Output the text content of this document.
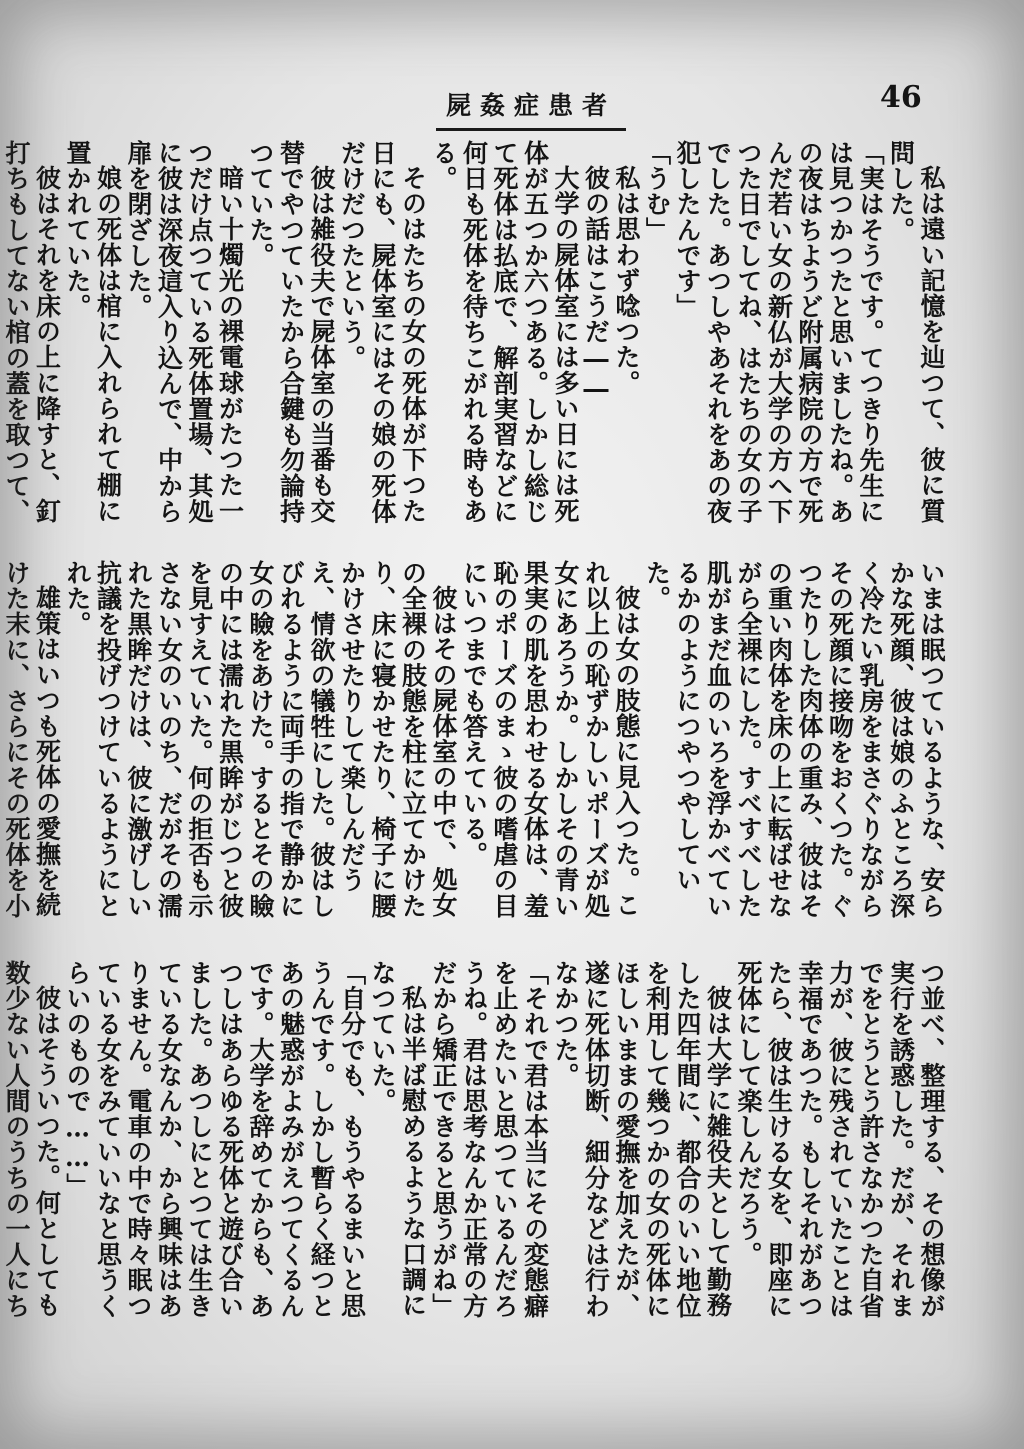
屍姦症患者	46

私は遠い記憶を辿つて、彼に質問した。

「実はそうです。てつきり先生には見つかつたと思いましたね。あの夜はちようど附属病院の方で死んだ若い女の新仏が大学の方へ下つた日でしてね、はたちの女の子でした。あつしやあそれをあの夜犯したんです」

「うむ」

私は思わず唸つた。

彼の話はこうだ――

大学の屍体室には多い日には死体が五つか六つある。しかし総じて死体は払底で、解剖実習などに何日も死体を待ちこがれる時もある。

そのはたちの女の死体が下つた日にも、屍体室にはその娘の死体だけだつたという。

彼は雑役夫で屍体室の当番も交替でやつていたから合鍵も勿論持つていた。

暗い十燭光の裸電球がたつた一つだけ点つている死体置場、其処に彼は深夜這入り込んで、中から扉を閉ざした。

娘の死体は棺に入れられて棚に置かれていた。

彼はそれを床の上に降すと、釘打ちもしてない棺の蓋を取つて、

いまは眠つているような、安らかな死顔、彼は娘のふところ深く冷たい乳房をまさぐりながらその死顔に接吻をおくつた。ぐつたりした肉体の重み、彼はその重い肉体を床の上に転ばせながら全裸にした。すべすべした肌がまだ血のいろを浮かべているかのようにつやつやしていた。

彼は女の肢態に見入つた。これ以上の恥ずかしいポーズが処女にあろうか。しかしその青い果実の肌を思わせる女体は、羞恥のポーズのまゝ彼の嗜虐の目にいつまでも答えている。

彼はその屍体室の中で、処女の全裸の肢態を柱に立てかけたり、床に寝かせたり、椅子に腰かけさせたりして楽しんだうえ、情欲の犠牲にした。彼はしびれるように両手の指で静かに女の瞼をあけた。するとその瞼の中には濡れた黒眸がじつと彼を見すえていた。何の拒否も示さない女のいのち、だがその濡れた黒眸だけは、彼に激げしい抗議を投げつけているようにとれた。

雄策はいつも死体の愛撫を続けた末に、さらにその死体を小

つ並べ、整理する、その想像が実行を誘惑した。だが、それまでをとうとう許さなかつた自省力が、彼に残されていたことは幸福であつた。もしそれがあつたら、彼は生ける女を、即座に死体にして楽しんだろう。

彼は大学に雑役夫として勤務した四年間に、都合のいい地位を利用して幾つかの女の死体にほしいままの愛撫を加えたが、遂に死体切断、細分などは行わなかつた。

「それで君は本当にその変態癖を止めたいと思つているんだろうね。君は思考なんか正常の方だから矯正できると思うがね」

私は半ば慰めるような口調になつていた。

「自分でも、もうやるまいと思うんです。しかし暫らく経つとあの魅惑がよみがえつてくるんです。大学を辞めてからも、あつしはあらゆる死体と遊び合いました。あつしにとつては生きている女なんか、から興味はありません。電車の中で時々眠つている女をみていいなと思うくらいのもので……」

彼はそういつた。何としても数少ない人間のうちの一人にち
